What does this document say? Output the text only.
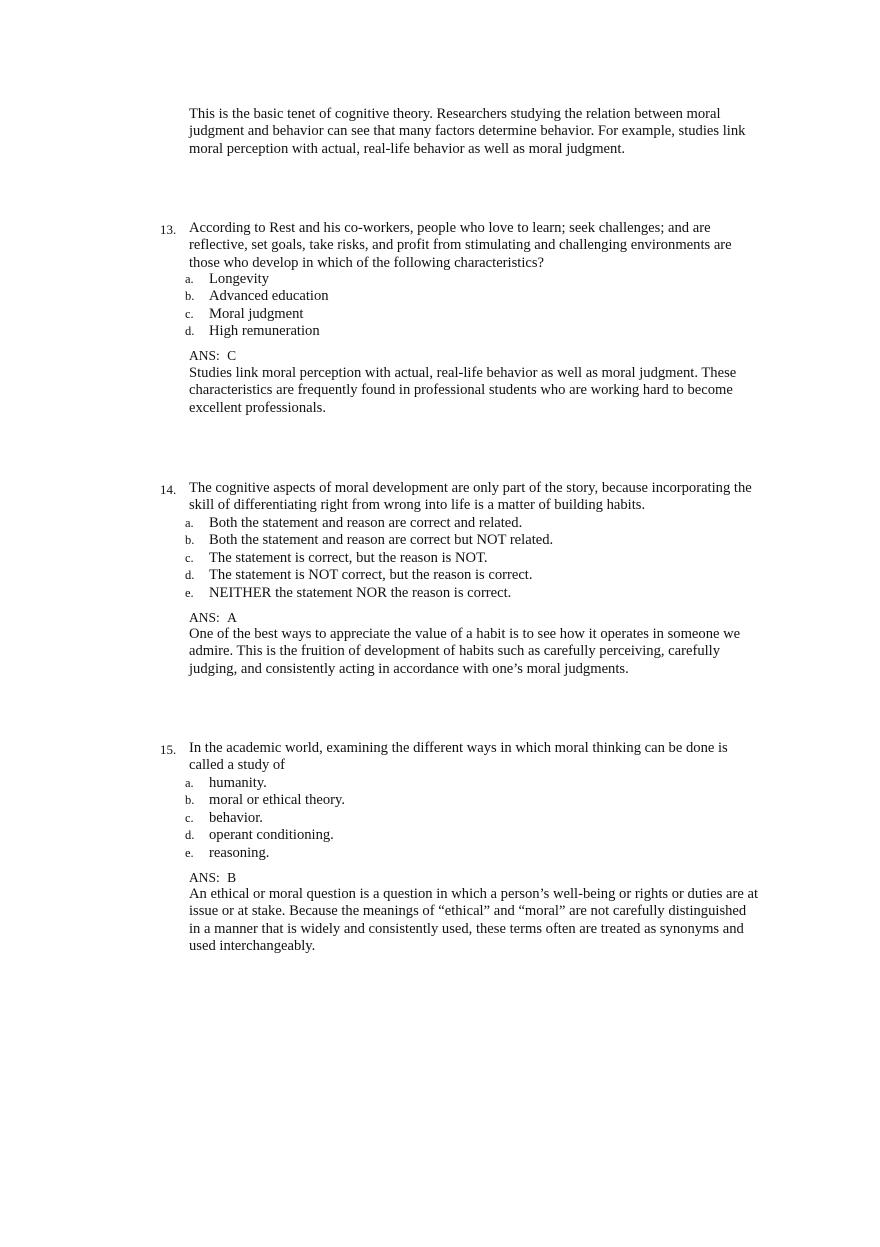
This is the basic tenet of cognitive theory. Researchers studying the relation between moral judgment and behavior can see that many factors determine behavior. For example, studies link moral perception with actual, real-life behavior as well as moral judgment.

13. According to Rest and his co-workers, people who love to learn; seek challenges; and are reflective, set goals, take risks, and profit from stimulating and challenging environments are those who develop in which of the following characteristics?

a.	Longevity
b.	Advanced education
c.	Moral judgment
d.	High remuneration
ANS: C

Studies link moral perception with actual, real-life behavior as well as moral judgment. These characteristics are frequently found in professional students who are working hard to become excellent professionals.

14. The cognitive aspects of moral development are only part of the story, because incorporating the skill of differentiating right from wrong into life is a matter of building habits.

a.	Both the statement and reason are correct and related.
b.	Both the statement and reason are correct but NOT related.
c.	The statement is correct, but the reason is NOT.
d.	The statement is NOT correct, but the reason is correct.
e.	NEITHER the statement NOR the reason is correct.
ANS: A

One of the best ways to appreciate the value of a habit is to see how it operates in someone we admire. This is the fruition of development of habits such as carefully perceiving, carefully judging, and consistently acting in accordance with one’s moral judgments.

15. In the academic world, examining the different ways in which moral thinking can be done is called a study of

a.	humanity.
b.	moral or ethical theory.
c.	behavior.
d.	operant conditioning.
e.	reasoning.
ANS: B

An ethical or moral question is a question in which a person’s well-being or rights or duties are at issue or at stake. Because the meanings of “ethical” and “moral” are not carefully distinguished in a manner that is widely and consistently used, these terms often are treated as synonyms and used interchangeably.
